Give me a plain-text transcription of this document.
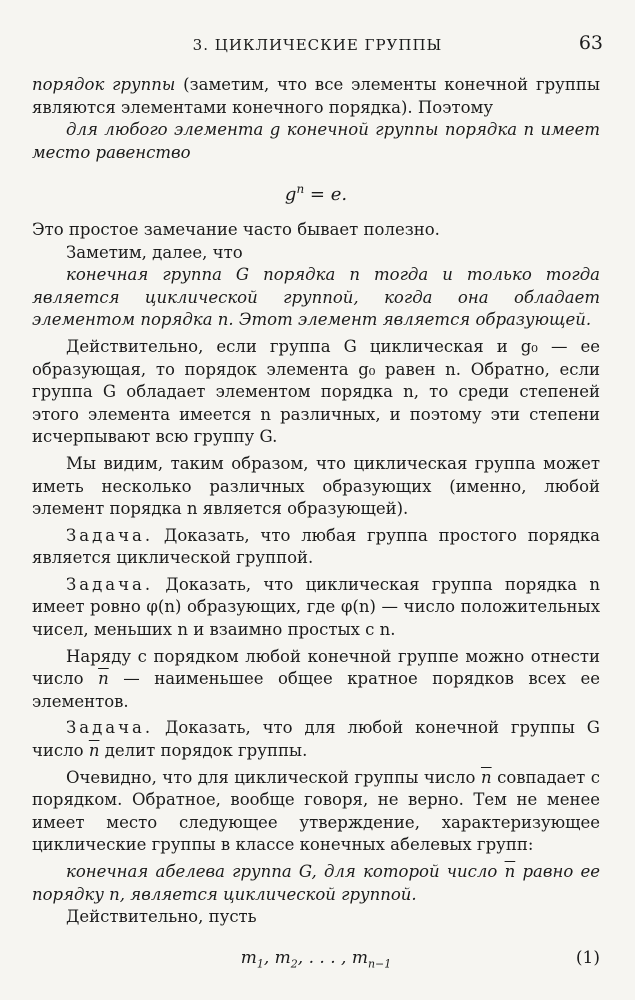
3. ЦИКЛИЧЕСКИЕ ГРУППЫ	63

порядок группы (заметим, что все элементы конечной группы являются элементами конечного порядка). Поэтому

для любого элемента g конечной группы порядка n имеет место равенство

$g^n = e$.

Это простое замечание часто бывает полезно.

Заметим, далее, что

конечная группа G порядка n тогда и только тогда является циклической группой, когда она обладает элементом порядка n. Этот элемент является образующей.

Действительно, если группа G циклическая и g₀ — ее образующая, то порядок элемента g₀ равен n. Обратно, если группа G обладает элементом порядка n, то среди степеней этого элемента имеется n различных, и поэтому эти степени исчерпывают всю группу G.

Мы видим, таким образом, что циклическая группа может иметь несколько различных образующих (именно, любой элемент порядка n является образующей).

Задача. Доказать, что любая группа простого порядка является циклической группой.

Задача. Доказать, что циклическая группа порядка n имеет ровно φ(n) образующих, где φ(n) — число положительных чисел, меньших n и взаимно простых с n.

Наряду с порядком любой конечной группе можно отнести число $\overline{n}$ — наименьшее общее кратное порядков всех ее элементов.

Задача. Доказать, что для любой конечной группы G число $\overline{n}$ делит порядок группы.

Очевидно, что для циклической группы число $\overline{n}$ совпадает с порядком. Обратное, вообще говоря, не верно. Тем не менее имеет место следующее утверждение, характеризующее циклические группы в классе конечных абелевых групп:

конечная абелева группа G, для которой число $\overline{n}$ равно ее порядку n, является циклической группой.

Действительно, пусть

$m_1$, $m_2$, . . . , $m_{n-1}$	(1)
